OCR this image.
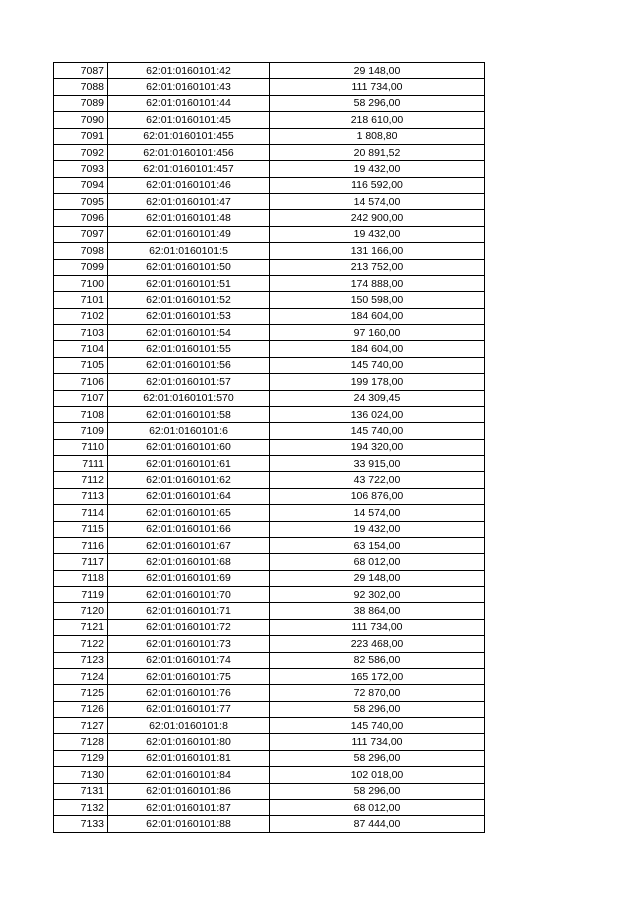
7087	62:01:0160101:42	29 148,00
7088	62:01:0160101:43	111 734,00
7089	62:01:0160101:44	58 296,00
7090	62:01:0160101:45	218 610,00
7091	62:01:0160101:455	1 808,80
7092	62:01:0160101:456	20 891,52
7093	62:01:0160101:457	19 432,00
7094	62:01:0160101:46	116 592,00
7095	62:01:0160101:47	14 574,00
7096	62:01:0160101:48	242 900,00
7097	62:01:0160101:49	19 432,00
7098	62:01:0160101:5	131 166,00
7099	62:01:0160101:50	213 752,00
7100	62:01:0160101:51	174 888,00
7101	62:01:0160101:52	150 598,00
7102	62:01:0160101:53	184 604,00
7103	62:01:0160101:54	97 160,00
7104	62:01:0160101:55	184 604,00
7105	62:01:0160101:56	145 740,00
7106	62:01:0160101:57	199 178,00
7107	62:01:0160101:570	24 309,45
7108	62:01:0160101:58	136 024,00
7109	62:01:0160101:6	145 740,00
7110	62:01:0160101:60	194 320,00
7111	62:01:0160101:61	33 915,00
7112	62:01:0160101:62	43 722,00
7113	62:01:0160101:64	106 876,00
7114	62:01:0160101:65	14 574,00
7115	62:01:0160101:66	19 432,00
7116	62:01:0160101:67	63 154,00
7117	62:01:0160101:68	68 012,00
7118	62:01:0160101:69	29 148,00
7119	62:01:0160101:70	92 302,00
7120	62:01:0160101:71	38 864,00
7121	62:01:0160101:72	111 734,00
7122	62:01:0160101:73	223 468,00
7123	62:01:0160101:74	82 586,00
7124	62:01:0160101:75	165 172,00
7125	62:01:0160101:76	72 870,00
7126	62:01:0160101:77	58 296,00
7127	62:01:0160101:8	145 740,00
7128	62:01:0160101:80	111 734,00
7129	62:01:0160101:81	58 296,00
7130	62:01:0160101:84	102 018,00
7131	62:01:0160101:86	58 296,00
7132	62:01:0160101:87	68 012,00
7133	62:01:0160101:88	87 444,00
